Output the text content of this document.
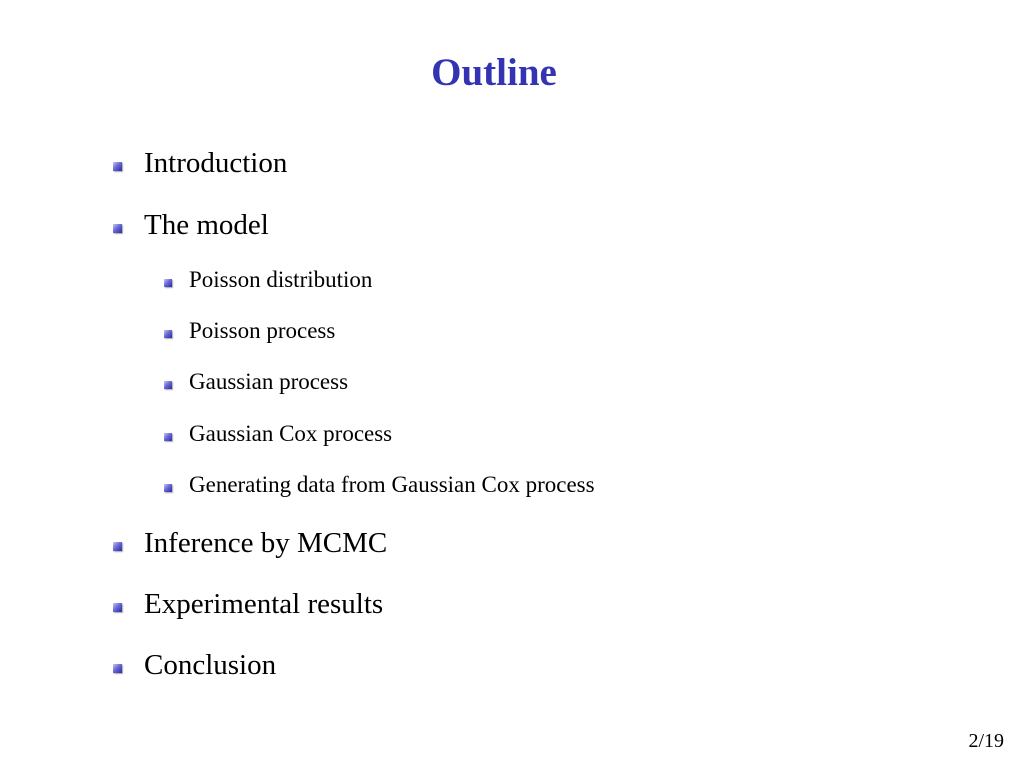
Outline
Introduction
The model
Poisson distribution
Poisson process
Gaussian process
Gaussian Cox process
Generating data from Gaussian Cox process
Inference by MCMC
Experimental results
Conclusion
2/19
